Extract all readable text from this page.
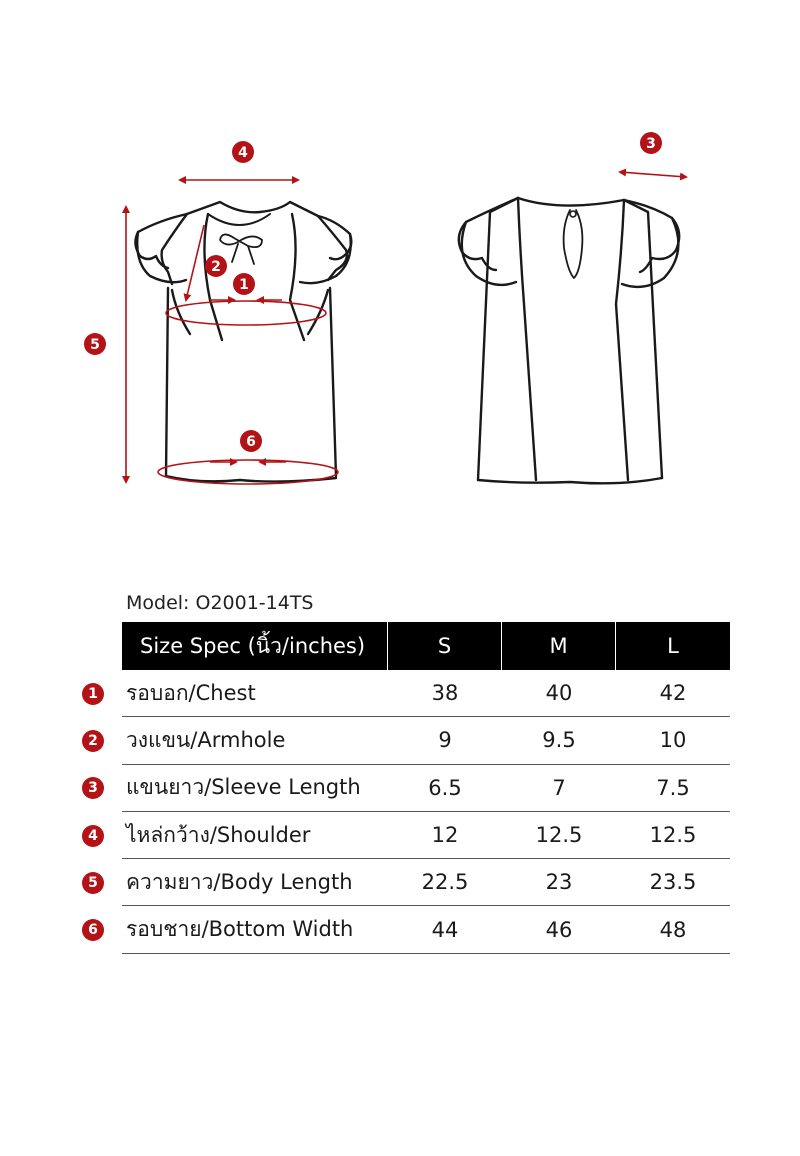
4
3
2
1
5
6
Model: O2001-14TS
Size Spec (นิ้ว/inches)	S	M	L
1 รอบอก/Chest	38	40	42
2 วงแขน/Armhole	9	9.5	10
3 แขนยาว/Sleeve Length	6.5	7	7.5
4 ไหล่กว้าง/Shoulder	12	12.5	12.5
5 ความยาว/Body Length	22.5	23	23.5
6 รอบชาย/Bottom Width	44	46	48
